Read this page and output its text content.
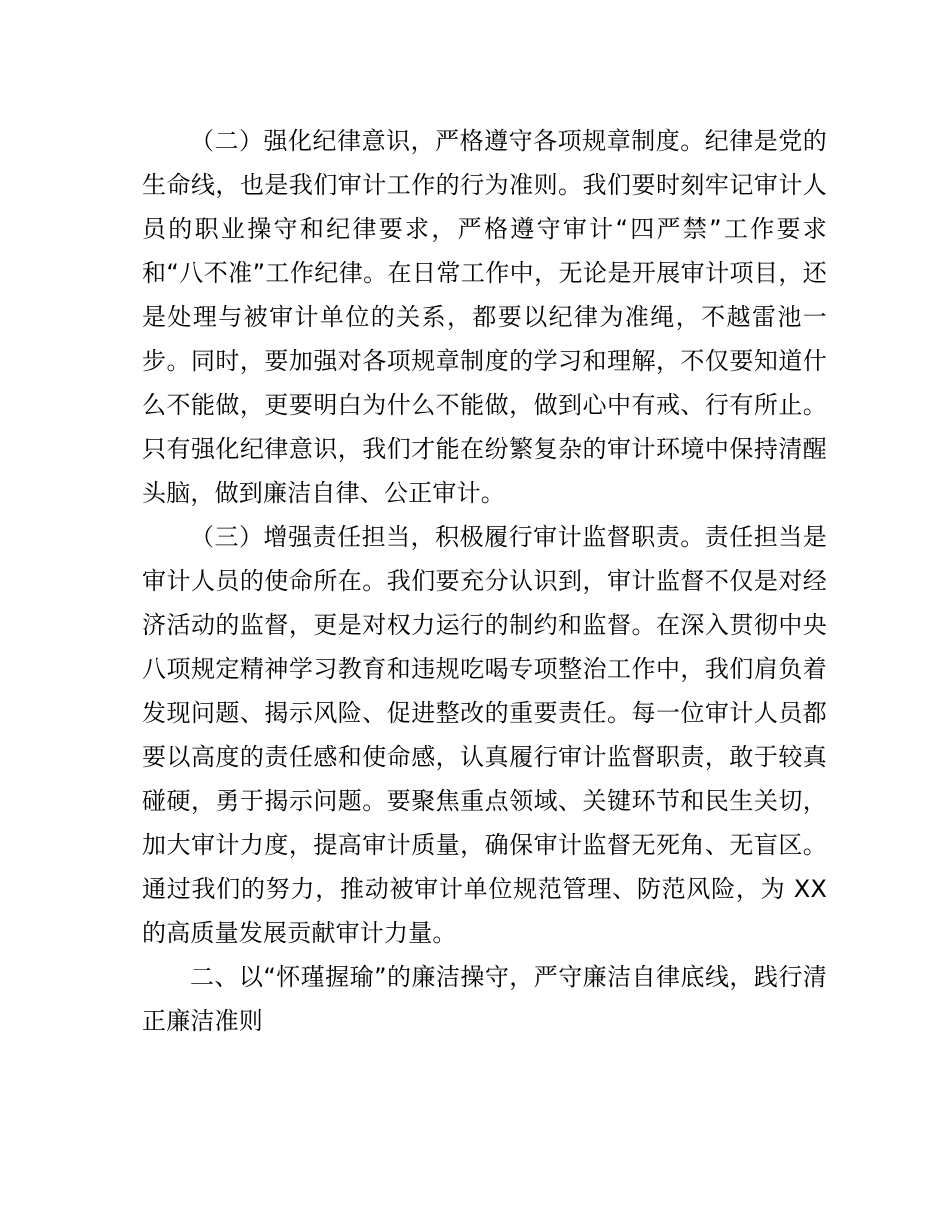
（二）强化纪律意识，严格遵守各项规章制度。纪律是党的生命线，也是我们审计工作的行为准则。我们要时刻牢记审计人员的职业操守和纪律要求，严格遵守审计“四严禁”工作要求和“八不准”工作纪律。在日常工作中，无论是开展审计项目，还是处理与被审计单位的关系，都要以纪律为准绳，不越雷池一步。同时，要加强对各项规章制度的学习和理解，不仅要知道什么不能做，更要明白为什么不能做，做到心中有戒、行有所止。只有强化纪律意识，我们才能在纷繁复杂的审计环境中保持清醒头脑，做到廉洁自律、公正审计。

（三）增强责任担当，积极履行审计监督职责。责任担当是审计人员的使命所在。我们要充分认识到，审计监督不仅是对经济活动的监督，更是对权力运行的制约和监督。在深入贯彻中央八项规定精神学习教育和违规吃喝专项整治工作中，我们肩负着发现问题、揭示风险、促进整改的重要责任。每一位审计人员都要以高度的责任感和使命感，认真履行审计监督职责，敢于较真碰硬，勇于揭示问题。要聚焦重点领域、关键环节和民生关切，加大审计力度，提高审计质量，确保审计监督无死角、无盲区。通过我们的努力，推动被审计单位规范管理、防范风险，为 XX 的高质量发展贡献审计力量。

二、以“怀瑾握瑜”的廉洁操守，严守廉洁自律底线，践行清正廉洁准则
